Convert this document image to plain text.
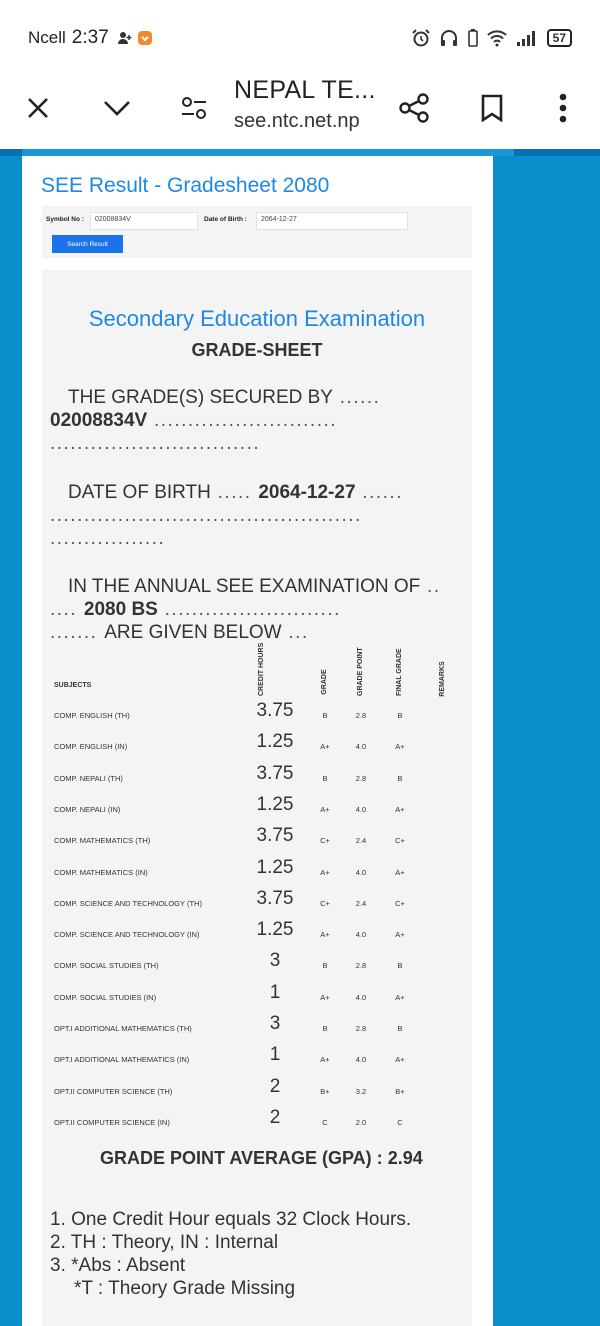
Ncell 2:37	57
NEPAL TE...
see.ntc.net.np
SEE Result - Gradesheet 2080
Symbol No :	02008834V	Date of Birth :	2064-12-27
Search Result
Secondary Education Examination
GRADE-SHEET
THE GRADE(S) SECURED BY ......
02008834V ...........................
...............................
DATE OF BIRTH ..... 2064-12-27 ......
..............................................
.................
IN THE ANNUAL SEE EXAMINATION OF ..
.... 2080 BS ..........................
....... ARE GIVEN BELOW ...
SUBJECTS	CREDIT HOURS	GRADE	GRADE POINT	FINAL GRADE	REMARKS
COMP. ENGLISH (TH)	3.75	B	2.8	B
COMP. ENGLISH (IN)	1.25	A+	4.0	A+
COMP. NEPALI (TH)	3.75	B	2.8	B
COMP. NEPALI (IN)	1.25	A+	4.0	A+
COMP. MATHEMATICS (TH)	3.75	C+	2.4	C+
COMP. MATHEMATICS (IN)	1.25	A+	4.0	A+
COMP. SCIENCE AND TECHNOLOGY (TH)	3.75	C+	2.4	C+
COMP. SCIENCE AND TECHNOLOGY (IN)	1.25	A+	4.0	A+
COMP. SOCIAL STUDIES (TH)	3	B	2.8	B
COMP. SOCIAL STUDIES (IN)	1	A+	4.0	A+
OPT.I ADDITIONAL MATHEMATICS (TH)	3	B	2.8	B
OPT.I ADDITIONAL MATHEMATICS (IN)	1	A+	4.0	A+
OPT.II COMPUTER SCIENCE (TH)	2	B+	3.2	B+
OPT.II COMPUTER SCIENCE (IN)	2	C	2.0	C
GRADE POINT AVERAGE (GPA) : 2.94
1. One Credit Hour equals 32 Clock Hours.
2. TH : Theory, IN : Internal
3. *Abs : Absent
*T : Theory Grade Missing
